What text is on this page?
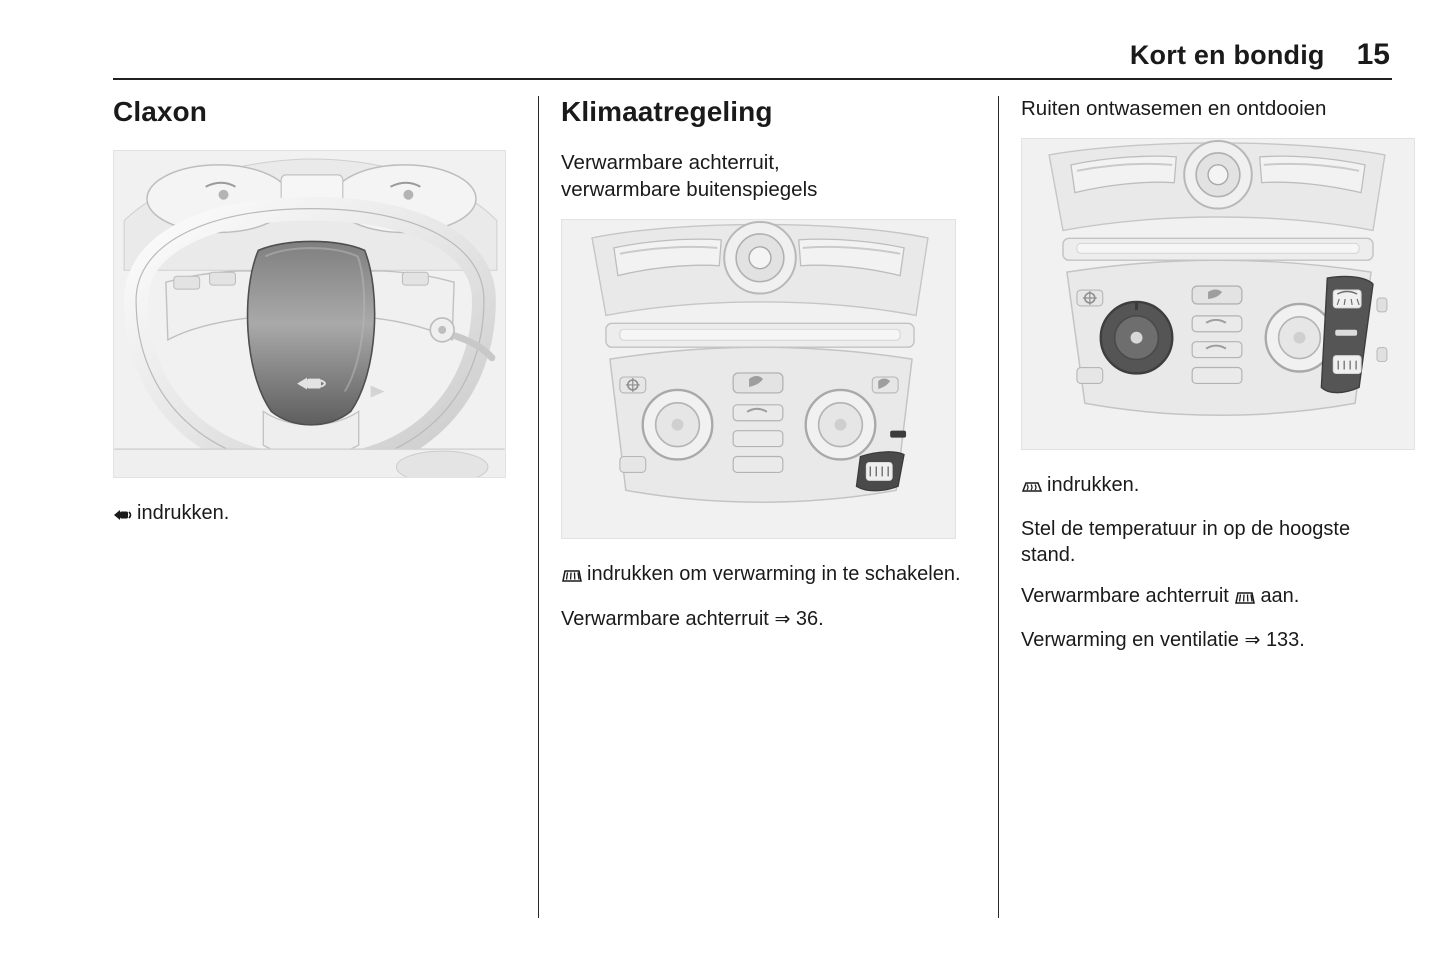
Kort en bondig 15
Claxon

indrukken.

Klimaatregeling
Verwarmbare achterruit,
verwarmbare buitenspiegels

indrukken om verwarming in te schakelen.

Verwarmbare achterruit ⇒ 36.

Ruiten ontwasemen en ontdooien

indrukken.

Stel de temperatuur in op de hoogste stand.

Verwarmbare achterruit aan.

Verwarming en ventilatie ⇒ 133.
